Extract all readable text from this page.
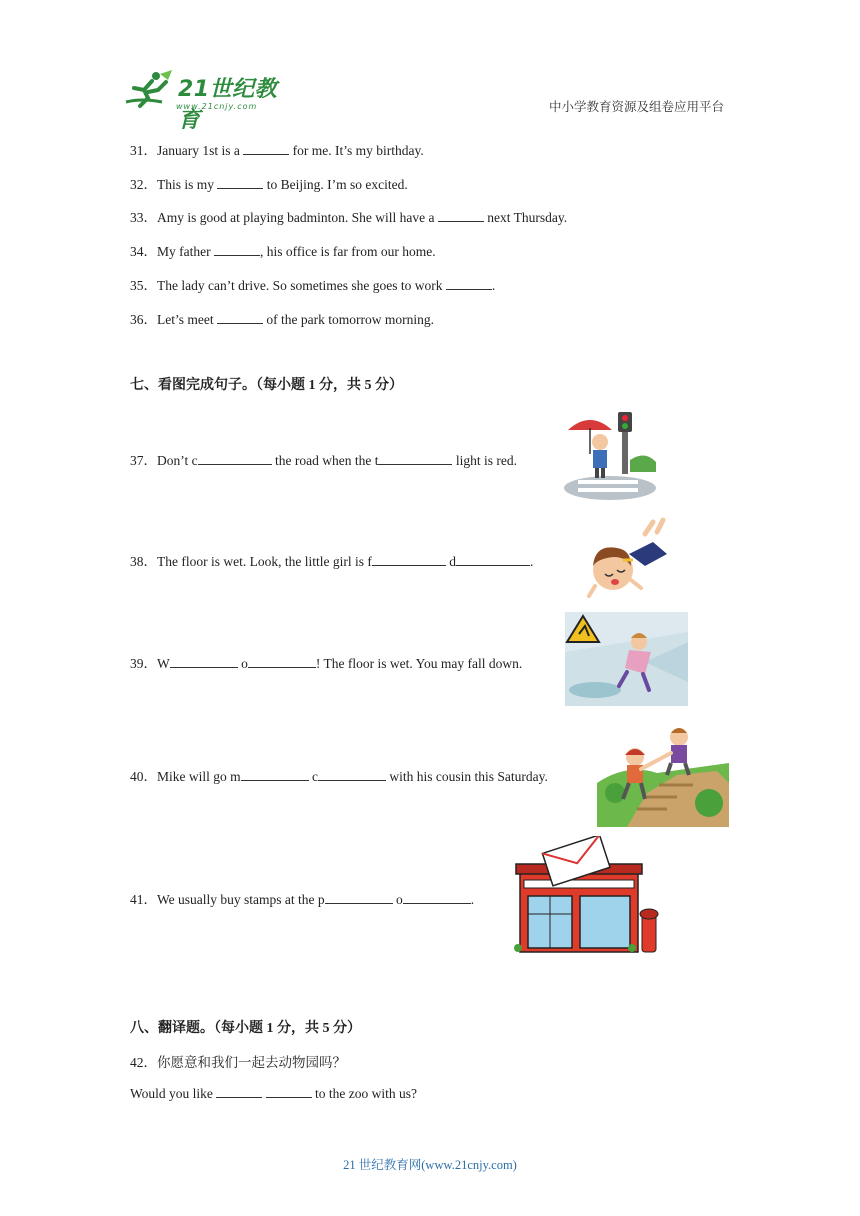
21世纪教育
www.21cnjy.com	中小学教育资源及组卷应用平台
31．January 1st is a	for me. It’s my birthday.
32．This is my	to Beijing. I’m so excited.
33．Amy is good at playing badminton. She will have a	next Thursday.
34．My father	, his office is far from our home.
35．The lady can’t drive. So sometimes she goes to work	.
36．Let’s meet	of the park tomorrow morning.
七、看图完成句子。（每小题 1 分，共 5 分）
37．Don’t c	the road when the t	light is red.
38．The floor is wet. Look, the little girl is f	d	.
39．W	o	! The floor is wet. You may fall down.
40．Mike will go m	c	with his cousin this Saturday.
41．We usually buy stamps at the p	o	.
八、翻译题。（每小题 1 分，共 5 分）
42．你愿意和我们一起去动物园吗？
Would you like	to the zoo with us?
21 世纪教育网(www.21cnjy.com)
